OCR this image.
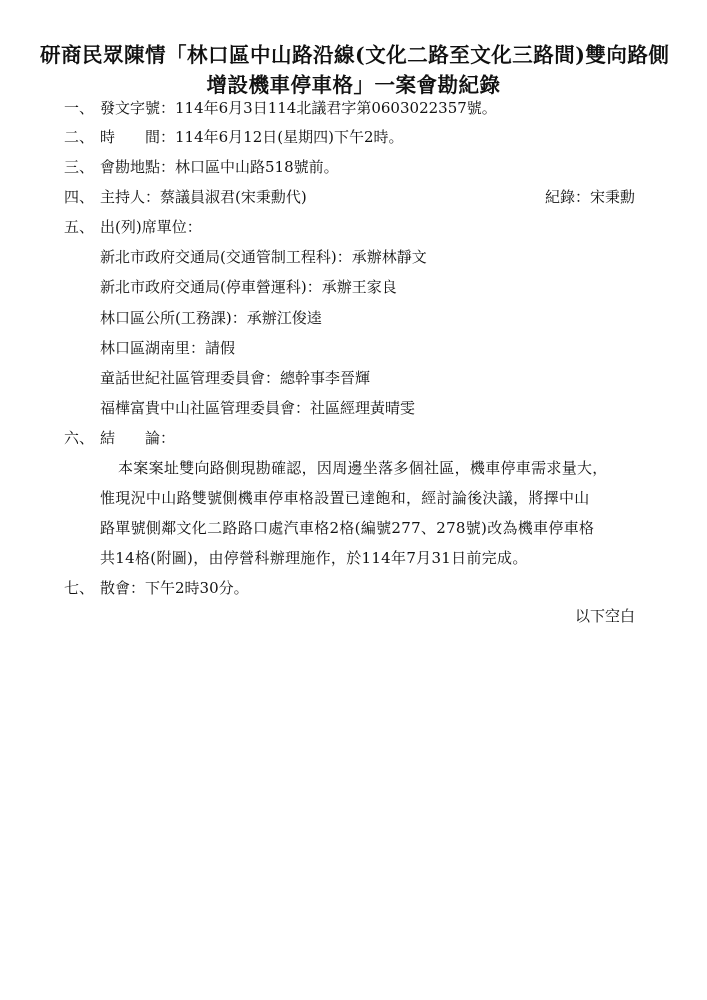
研商民眾陳情「林口區中山路沿線(文化二路至文化三路間)雙向路側
增設機車停車格」一案會勘紀錄
一、 發文字號：114年6月3日114北議君字第0603022357號。
二、 時　　間：114年6月12日(星期四)下午2時。
三、 會勘地點：林口區中山路518號前。
四、 主持人：蔡議員淑君(宋秉勳代)	紀錄：宋秉勳
五、 出(列)席單位：
新北市政府交通局(交通管制工程科)：承辦林靜文
新北市政府交通局(停車營運科)：承辦王家良
林口區公所(工務課)：承辦江俊逵
林口區湖南里：請假
童話世紀社區管理委員會：總幹事李晉輝
福樺富貴中山社區管理委員會：社區經理黃晴雯
六、 結　　論：
本案案址雙向路側現勘確認，因周邊坐落多個社區，機車停車需求量大，
惟現況中山路雙號側機車停車格設置已達飽和，經討論後決議，將擇中山
路單號側鄰文化二路路口處汽車格2格(編號277、278號)改為機車停車格
共14格(附圖)，由停營科辦理施作，於114年7月31日前完成。
七、 散會：下午2時30分。
以下空白
